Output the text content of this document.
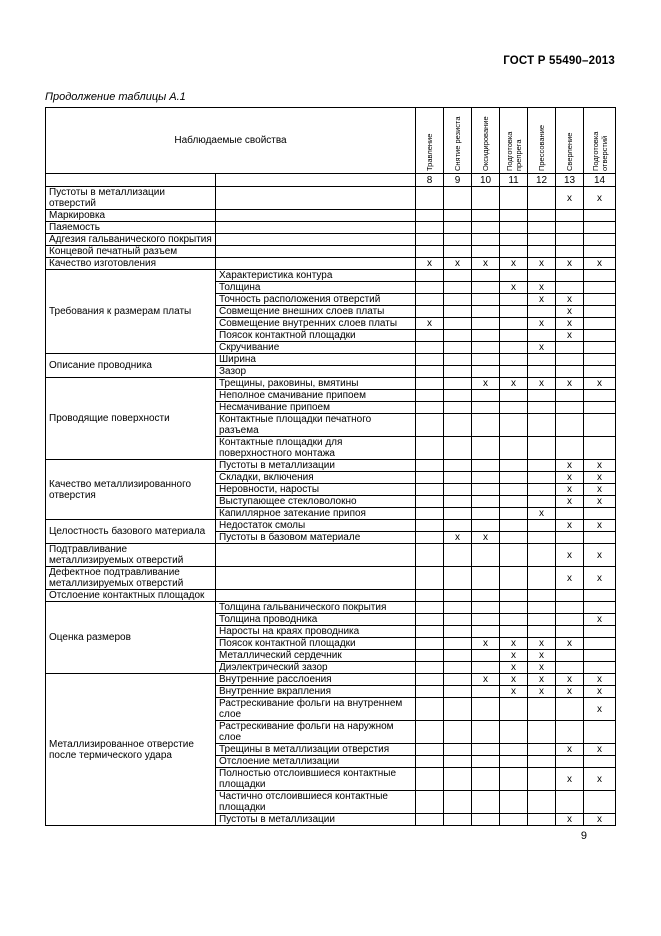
ГОСТ Р 55490–2013
Продолжение таблицы А.1
Наблюдаемые свойства		Травление	Снятие резиста	Оксидирование	Подготовка препрега	Прессование	Сверление	Подготовка отверстий

		8	9	10	11	12	13	14
Пустоты в металлизации отверстий							х	х
Маркировка								
Паяемость								
Адгезия гальванического покрытия								
Концевой печатный разъем								
Качество изготовления		х	х	х	х	х	х	х
Требования к размерам платы	Характеристика контура							
	Толщина				х	х		
	Точность расположения отверстий					х	х	
	Совмещение внешних слоев платы						х	
	Совмещение внутренних слоев платы	х				х	х	
	Поясок контактной площадки						х	
	Скручивание					х		
Описание проводника	Ширина							
	Зазор							
Проводящие поверхности	Трещины, раковины, вмятины			х	х	х	х	х
	Неполное смачивание припоем							
	Несмачивание припоем							
	Контактные площадки печатного разъема							
	Контактные площадки для поверхностного монтажа							
Качество металлизированного отверстия	Пустоты в металлизации						х	х
	Складки, включения						х	х
	Неровности, наросты						х	х
	Выступающее стекловолокно						х	х
	Капиллярное затекание припоя					х		
Целостность базового материала	Недостаток смолы						х	х
	Пустоты в базовом материале		х	х				
Подтравливание металлизируемых отверстий							х	х
Дефектное подтравливание металлизируемых отверстий							х	х
Отслоение контактных площадок								
Оценка размеров	Толщина гальванического покрытия							
	Толщина проводника							х
	Наросты на краях проводника							
	Поясок контактной площадки			х	х	х	х	
	Металлический сердечник				х	х		
	Диэлектрический зазор				х	х		
Металлизированное отверстие после термического удара	Внутренние расслоения			х	х	х	х	х
	Внутренние вкрапления				х	х	х	х
	Растрескивание фольги на внутреннем слое							х
	Растрескивание фольги на наружном слое							
	Трещины в металлизации отверстия						х	х
	Отслоение металлизации							
	Полностью отслоившиеся контактные площадки						х	х
	Частично отслоившиеся контактные площадки							
	Пустоты в металлизации						х	х
9
